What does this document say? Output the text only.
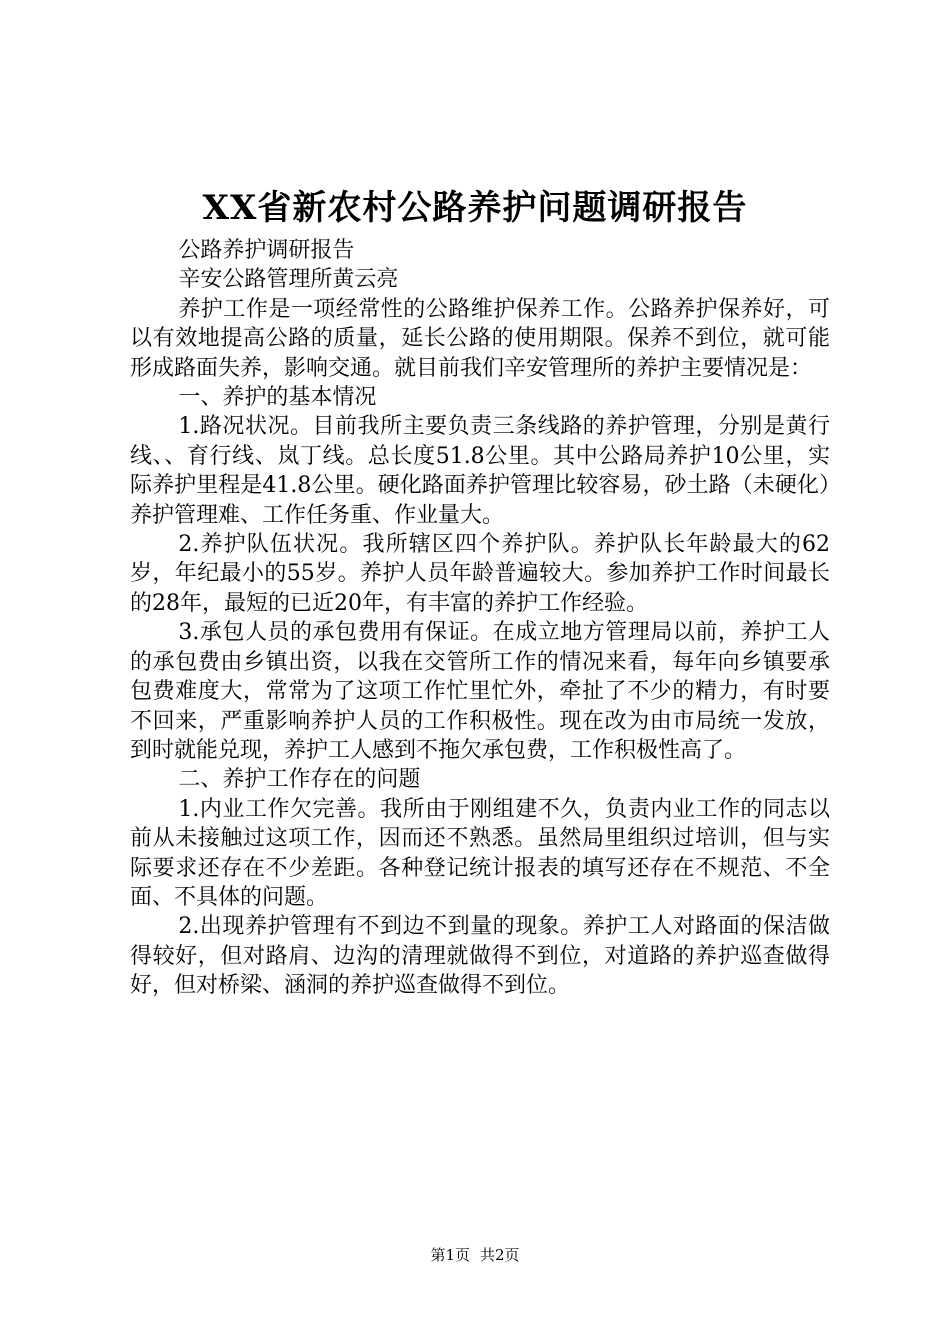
XX省新农村公路养护问题调研报告

公路养护调研报告

辛安公路管理所黄云亮

养护工作是一项经常性的公路维护保养工作。公路养护保养好，可以有效地提高公路的质量，延长公路的使用期限。保养不到位，就可能形成路面失养，影响交通。就目前我们辛安管理所的养护主要情况是：

一、养护的基本情况

1.路况状况。目前我所主要负责三条线路的养护管理，分别是黄行线、、育行线、岚丁线。总长度51.8公里。其中公路局养护10公里，实际养护里程是41.8公里。硬化路面养护管理比较容易，砂土路（未硬化）养护管理难、工作任务重、作业量大。

2.养护队伍状况。我所辖区四个养护队。养护队长年龄最大的62岁，年纪最小的55岁。养护人员年龄普遍较大。参加养护工作时间最长的28年，最短的已近20年，有丰富的养护工作经验。

3.承包人员的承包费用有保证。在成立地方管理局以前，养护工人的承包费由乡镇出资，以我在交管所工作的情况来看，每年向乡镇要承包费难度大，常常为了这项工作忙里忙外，牵扯了不少的精力，有时要不回来，严重影响养护人员的工作积极性。现在改为由市局统一发放，到时就能兑现，养护工人感到不拖欠承包费，工作积极性高了。

二、养护工作存在的问题

1.内业工作欠完善。我所由于刚组建不久，负责内业工作的同志以前从未接触过这项工作，因而还不熟悉。虽然局里组织过培训，但与实际要求还存在不少差距。各种登记统计报表的填写还存在不规范、不全面、不具体的问题。

2.出现养护管理有不到边不到量的现象。养护工人对路面的保洁做得较好，但对路肩、边沟的清理就做得不到位，对道路的养护巡查做得好，但对桥梁、涵洞的养护巡查做得不到位。

第1页 共2页
